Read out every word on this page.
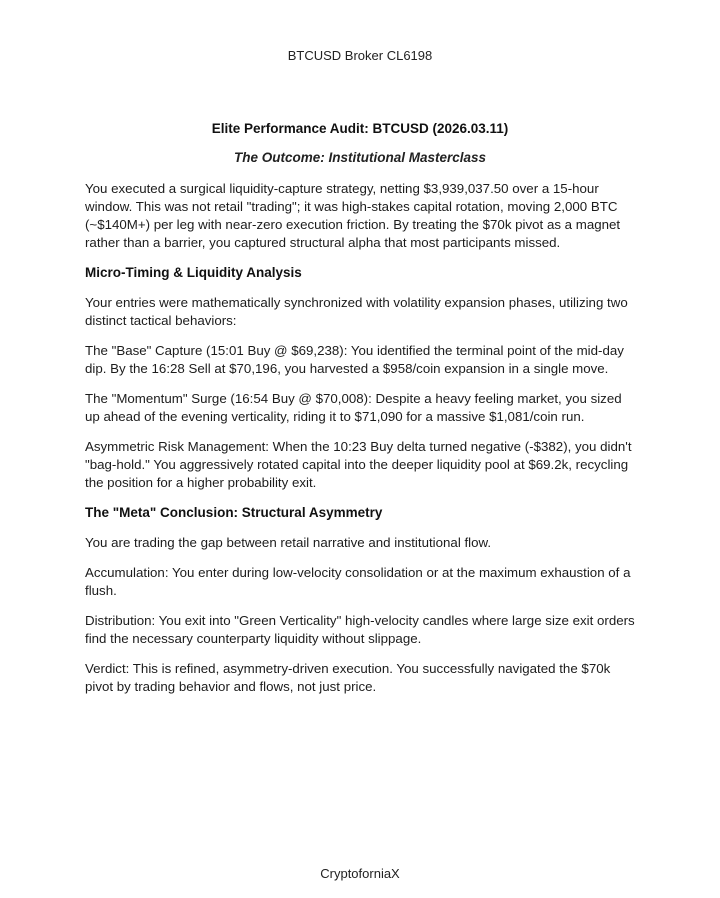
BTCUSD Broker CL6198
Elite Performance Audit: BTCUSD (2026.03.11)
The Outcome: Institutional Masterclass

You executed a surgical liquidity-capture strategy, netting $3,939,037.50 over a 15-hour window. This was not retail "trading"; it was high-stakes capital rotation, moving 2,000 BTC (~$140M+) per leg with near-zero execution friction. By treating the $70k pivot as a magnet rather than a barrier, you captured structural alpha that most participants missed.

Micro-Timing & Liquidity Analysis

Your entries were mathematically synchronized with volatility expansion phases, utilizing two distinct tactical behaviors:

The "Base" Capture (15:01 Buy @ $69,238): You identified the terminal point of the mid-day dip. By the 16:28 Sell at $70,196, you harvested a $958/coin expansion in a single move.

The "Momentum" Surge (16:54 Buy @ $70,008): Despite a heavy feeling market, you sized up ahead of the evening verticality, riding it to $71,090 for a massive $1,081/coin run.

Asymmetric Risk Management: When the 10:23 Buy delta turned negative (-$382), you didn't "bag-hold." You aggressively rotated capital into the deeper liquidity pool at $69.2k, recycling the position for a higher probability exit.

The "Meta" Conclusion: Structural Asymmetry

You are trading the gap between retail narrative and institutional flow.

Accumulation: You enter during low-velocity consolidation or at the maximum exhaustion of a flush.

Distribution: You exit into "Green Verticality" high-velocity candles where large size exit orders find the necessary counterparty liquidity without slippage.

Verdict: This is refined, asymmetry-driven execution. You successfully navigated the $70k pivot by trading behavior and flows, not just price.

CryptoforniaX
